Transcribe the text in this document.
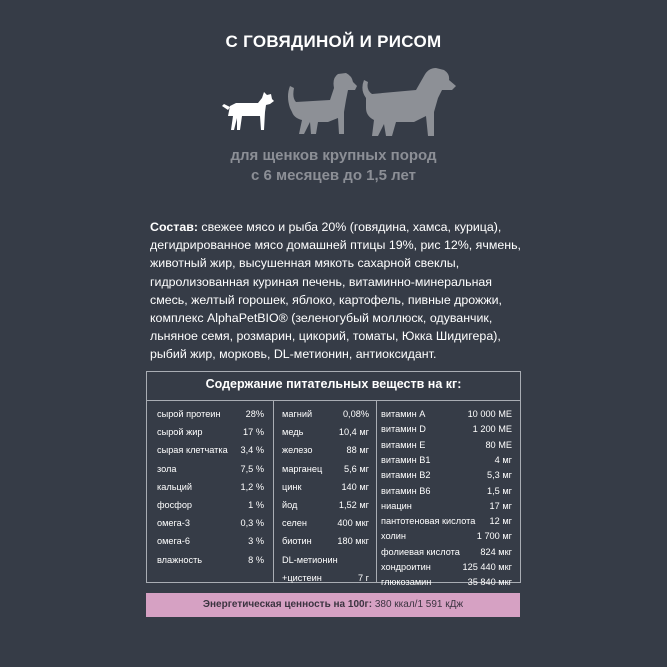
С ГОВЯДИНОЙ И РИСОМ
для щенков крупных пород
с 6 месяцев до 1,5 лет
Состав: свежее мясо и рыба 20% (говядина, хамса, курица), дегидрированное мясо домашней птицы 19%, рис 12%, ячмень, животный жир, высушенная мякоть сахарной свеклы, гидролизованная куриная печень, витаминно-минеральная смесь, желтый горошек, яблоко, картофель, пивные дрожжи, комплекс AlphaPetBIO® (зеленогубый моллюск, одуванчик, льняное семя, розмарин, цикорий, томаты, Юкка Шидигера), рыбий жир, морковь, DL-метионин, антиоксидант.
Содержание питательных веществ на кг:
сырой протеин	28%
сырой жир	17 %
сырая клетчатка 3,4 %
зола	7,5 %
кальций	1,2 %
фосфор	1 %
омега-3	0,3 %
омега-6	3 %
влажность	8 %
магний	0,08%
медь	10,4 мг
железо	88 мг
марганец 5,6 мг
цинк	140 мг
йод	1,52 мг
селен	400 мкг
биотин	180 мкг
DL-метионин
+цистеин	7 г
витамин А	10 000 МЕ
витамин D	1 200 МЕ
витамин Е	80 МЕ
витамин В1	4 мг
витамин В2	5,3 мг
витамин В6	1,5 мг
ниацин	17 мг
пантотеновая кислота 12 мг
холин	1 700 мг
фолиевая кислота 824 мкг
хондроитин	125 440 мкг
глюкозамин	35 840 мкг
Энергетическая ценность на 100г: 380 ккал/1 591 кДж
